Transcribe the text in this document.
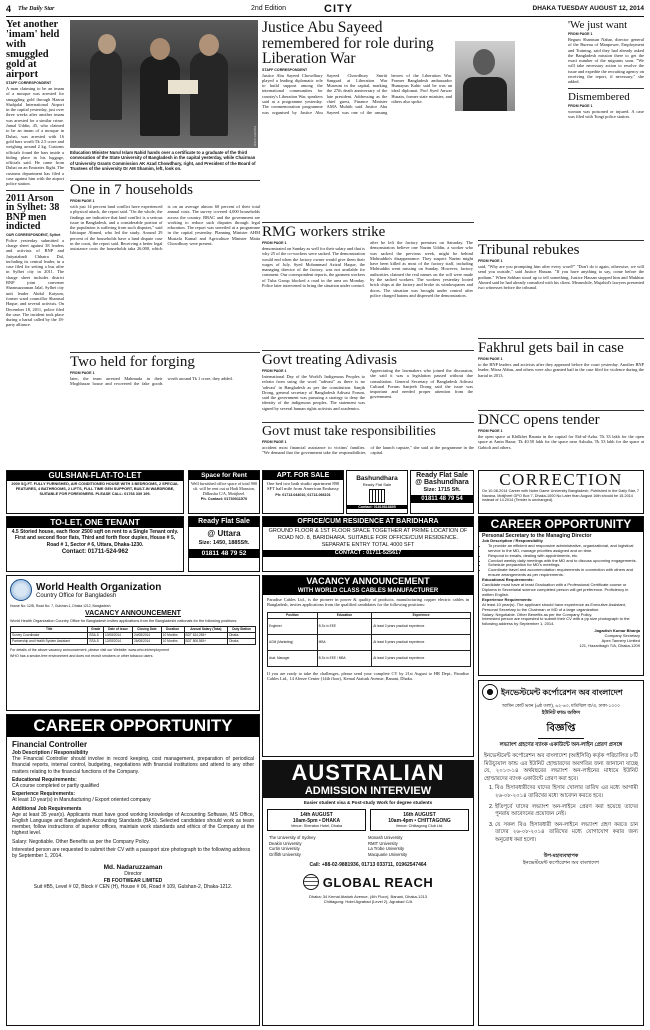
4 The Daily Star	2nd Edition	CITY	DHAKA TUESDAY AUGUST 12, 2014
Yet another 'imam' held with smuggled gold at airport
STAFF CORRESPONDENT
A man claiming to be an imam of a mosque was arrested for smuggling gold through Hazrat Shahjalal International Airport in the capital yesterday, just over three weeks after another imam was arrested for a similar crime. Jamal Uddin, 45, who claimed to be an imam of a mosque in Dubai, was arrested with 16 gold bars worth Tk 2.5 crore and weighing around 2 kg. Customs officials found the bars inside a hiding place in his luggage, officials said. He came from Dubai on an Emirates flight. The customs department has filed a case against him with the airport police station.
2011 Arson in Sylhet: 38 BNP men indicted
OUR CORRESPONDENT, Sylhet
Police yesterday submitted a charge sheet against 38 leaders and activists of BNP and Jatiyatabadi Chhatra Dal, including its central leader, in a case filed for setting a bus afire in Sylhet city in 2011. The charge sheet includes district BNP joint convener Shamsuzzaman Jalal, Sylhet city unit leader Abdul Kaiyum, former ward councillor Shamsul Haque, and several activists. On December 18, 2011, police filed the case. The incident took place during a hartal called by the 18-party alliance.
PHOTO: STAR
Education Minister Nurul Islam Nahid hands over a certificate to a graduate of the third convocation of the State University of Bangladesh in the capital yesterday, while Chairman of University Grants Commission AK Azad Chowdhury, right, and President of the Board of Trustees of the university Dr AM Shamim, left, look on.
Justice Abu Sayeed remembered for role during Liberation War
STAFF CORRESPONDENT
Justice Abu Sayeed Chowdhury played a leading diplomatic role to build support among the international communities for country's Liberation War, speakers said at a programme yesterday. The commemoration programme was organised by Justice Abu Sayeed Chowdhury Smriti Sangsad at Liberation War Museum in the capital, marking the 27th death anniversary of the late president. Addressing as the chief guest, Finance Minister AMA Muhith said Justice Abu Sayeed was one of the unsung heroes of the Liberation War. Former Bangladesh ambassador Humayun Kabir said he was an ideal diplomat. Prof Syed Anwar Husain, former state minister, and others also spoke.
'We just want
FROM PAGE 1
Begum Shamsun Nahar, director general of the Bureau of Manpower, Employment and Training, said they had already asked the Bangladesh mission there to get the exact number of the migrants soon. "We will take necessary action to resolve the issue and expedite the recruiting agency on receiving the report, if necessary," she added.
Dismembered
FROM PAGE 1
woman was poisoned or injured. A case was filed with Tongi police station.
One in 7 households
FROM PAGE 1
with just 14 percent land conflict have experienced a physical attack, the report said. "On the whole, the findings are indicative that land conflict is a serious issue in Bangladesh, and a considerable portion of the population is suffering from such disputes," said Ishtiaque Ahmed, who led the study. Around 29 percent of the households have a land dispute case in the court, the report said. Receiving a better legal assistance costs the households taka 26,000, which is on an average almost 60 percent of their total annual costs. The survey covered 4,000 households across the country. BRAC and the government are working to reduce such disputes through legal education. The report was unveiled at a programme in the capital yesterday. Planning Minister AHM Mustafa Kamal and Agriculture Minister Matia Chowdhury were present.
Two held for forging
FROM PAGE 1
later, the team arrested Mahmuda in their Moghbazar house and recovered the fake goods worth around Tk 1 crore, they added.
RMG workers strike
FROM PAGE 1
demonstrated on Sunday as well for their salary and that is why 25 of the co-workers were sacked. The demonstration would end when the factory owner would give them their wages of July. Syed Mohammad Azizul Haque, the managing director of the factory, was not available for comment. Our correspondent reports, the garment workers of Tuba Group blocked a road in the area on Monday. Police later intervened to bring the situation under control.
after he left the factory premises on Saturday. The demonstrators believe one Nazim Uddin, a worker who was sacked the previous week, might be behind Mohiuddin's disappearance. They suspect Nazim might have been killed as most of the factory staff, including Mohiuddin went missing on Sunday. However, factory authorities claimed the real names on the roll were made by the sacked workers. The workers yesterday looted brick chips at the factory and broke its windowpanes and doors. The situation was brought under control after police charged batons and dispersed the demonstrators.
Govt treating Adivasis
FROM PAGE 1
International Day of the World's Indigenous Peoples to refrain from using the word "adivasi" as there is no 'adivasi' in Bangladesh as per the constitution. Sanjib Drong, general secretary of Bangladesh Adivasi Forum, said the government was pursuing a strategy to deny the identity of the indigenous peoples. The statement was signed by several human rights activists and academics.
Appreciating the lawmakers who joined the discussion, she said it was a legislation passed without due consultation. General Secretary of Bangladesh Adivasi Cultural Forum Sanjeeb Drong said the issue was important and needed proper attention from the government.
Govt must take responsibilities
FROM PAGE 1
accident most financial assistance to victims' families. "We demand that the government take the responsibilities of the launch capsize," she said at the programme in the capital.
Tribunal rebukes
FROM PAGE 1
said, "Why are you prompting him after every word?" "Don't do it again, otherwise, we will send you outside," said Justice Hassan. "If you have anything to say, come before the podium." When Sobhan stood up to tell something, Justice Hassan stopped him and Mukhtar Ahmed said he had already consulted with his client. Meanwhile, Mujahid's lawyers presented two witnesses before the tribunal.
Fakhrul gets bail in case
FROM PAGE 1
to the BNP leaders and activists after they appeared before the court yesterday. Another BNP leader, Mirza Abbas, and others were also granted bail in the case filed for violence during the hartal in 2013.
DNCC opens tender
FROM PAGE 1
the open space at Khilkhet Baunia in the capital for Eid-ul-Azha. Tk 33 lakh for the open space at Amin Bazar, Tk 40.50 lakh for the space near Ashulia, Tk 53 lakh for the space at Gabtoli and others.
GULSHAN-FLAT-TO-LET
2000 SQ.FT. FULLY FURNISHED, AIR CONDITIONED HOUSE WITH 3 BEDROOMS, 2 SPECIAL FEATURES, 4 BATHROOMS, 2 LIFTS, FULL TIME GEN SUPPORT, BUILT-IN WARDROBE, SUITABLE FOR FOREIGNERS. PLEASE CALL: 01766 339 199.
TO-LET, ONE TENANT
4.5 Storied house, each floor 2500 sqft on rent to a Single Tenant only. First and second floor flats, Third and forth floor duplex, House # 5, Road # 1, Sector # 6, Uttara, Dhaka-1230.
Contact: 01711-524-962
Space for Rent
Well furnished office space of total 900 sft. will be rent out at Hadi Mansion, Dilkusha C/A, Motijheel.
Ph. Contact: 01730011570
Ready Flat Sale
@ Uttara
Size: 1450, 1885Sft.
01811 48 79 52
APT. FOR SALE
One bed two bath studio apartment 890 SFT hall mile from American Embassy
Ph: 01713-044010, 01713-066101
Bashundhara
Ready Flat Sale
Contact: 01819818895
Ready Flat Sale
@ Bashundhara
Size: 1715 Sft.
01811 48 79 54
OFFICE/CUM RESIDENCE AT BARIDHARA
GROUND FLOOR & 1ST FLOOR SPACE TOGETHER AT PRIME LOCATION OF ROAD NO. 8, BARIDHARA. SUITABLE FOR OFFICE/CUM RESIDENCE. SEPARATE ENTRY TOTAL 4000 SFT
CONTACT : 01711-525617
CORRECTION
On 10-08-2014 Career with Notre Dame University Bangladesh, Published in the Daily Star, 7 Navana, Motijheel GPO Box 7, Dhaka-1000 No Later than August 16th should be 15.2014 instead of 14.2014 (Tender is unchanged).
CAREER OPPORTUNITY
Personal Secretary to the Managing Director
Job Description / Responsibility
• To provide an efficient and responsive administrative, organizational, and logistical service to the MD, manage priorities assigned and on time.
• Respond to emails, dealing with appointments, etc.
• Conduct weekly daily meetings with the MD and to discuss upcoming engagements.
• Schedule preparation for MD's meetings.
• Coordinate travel and accommodation requirements in connection with others and ensure arrangements as per requirements.
Educational Requirements:
Candidate must have at least Graduation with a Professional Certificate course or Diploma in Secretarial science completed person will get preference. Proficiency in written English.
Experience Requirements:
At least 10 year(s). The applicant should have experience as Executive Assistant, Personal Secretary to the Chairman or MD of a large organization.
Salary: Negotiable. Other Benefits as per the Company Policy.
Interested person are requested to submit their CV with a pp size photograph to the following address by September 1, 2014.
Jagadish Kumar Bhanja
Company Secretary
Apex Tannery Limited
121, Hazaribagh T/A, Dhaka-1209
World Health Organization
Country Office for Bangladesh
House No: 12/B, Road No: 7, Gulshan-1, Dhaka 1212, Bangladesh
VACANCY ANNOUNCEMENT
World Health Organization Country Office for Bangladesh invites applications from the Bangladeshi nationals for the following positions:
Title	Grade	Date of issue	Closing Date	Duration	Annual Salary (Taka)	Duty Station
Survey Coordinator	SSA-5	10/08/2014	24/08/2014	10 Months	BDT 624,258+	Dhaka
Partnership and Health System Assistant	SSA-5	12/08/2014	26/08/2014	10 Months	BDT 806,565+	Dhaka
For details of the above vacancy announcement, please visit our Website: www.who.int/employment
WHO has a smoke-free environment and does not recruit smokers or other tobacco users.
VACANCY ANNOUNCEMENT
WITH WORLD CLASS CABLES MANUFACTURER
Paradise Cables Ltd., is the pioneer in power & quality of products, manufacturing copper electric cables in Bangladesh, invites applications from the qualified candidates for the following positions:
Position	Education	Experience
Engineer	B.Sc in EEE	At least 3 years practical experience
AGM (Marketing)	MBA	At least 5 years practical experience
Asst. Manager	B.Sc in EEE / MBA	At least 3 years practical experience
If you are ready to take the challenges, please send your complete CV by 21st August to HR Dept., Paradise Cables Ltd., 14 Aleeze Center (14th floor), Kemal Ataturk Avenue, Banani, Dhaka.
CAREER OPPORTUNITY
Financial Controller
Job Description / Responsibility
The Financial Controller should involve in record keeping, cost management, preparation of periodical financial reports, internal control, budgeting, negotiations with financial institutions and attend to any other matters relating to the financial functions of the Company.
Educational Requirements:
CA course completed or partly qualified
Experience Requirements:
At least 10 year(s) in Manufacturing / Export oriented company
Additional Job Requirements
Age at least 35 year(s). Applicants must have good working knowledge of Accounting Software, MS Office, English Language and Bangladesh Accounting Standards (BAS). Selected candidates should work as team member, follow instructions of superior offices, maintain work standards and ethics of the Company at the highest level.
Salary: Negotiable. Other Benefits as per the Company Policy.
Interested person are requested to submit their CV with a passport size photograph to the following address by September 1, 2014.
Md. Nadaruzzaman
Director
FB FOOTWEAR LIMITED
Suit #B5, Level # 02, Block # CEN (H), House # 06, Road # 109, Gulshan-2, Dhaka-1212.
AUSTRALIAN
ADMISSION INTERVIEW
Easier student visa & Post-study Work for degree students
14th AUGUST
10am-5pm • DHAKA
Venue: Sheraton Hotel, Dhaka
16th AUGUST
10am-4pm • CHITTAGONG
Venue: Chittagong Club Ltd.
The University of Sydney	Monash University
Deakin University	RMIT University
Curtin University	La Trobe University
Griffith University	Macquarie University
Call: +88-02-9881936, 01713 033711, 01962547464
GLOBAL REACH
Dhaka: 34 Kemal Ataturk Avenue, (4th Floor), Banani, Dhaka-1213
Chittagong: Hotel Agrabad (Level 2), Agrabad C/A
ইনভেস্টমেন্ট কর্পোরেশন অব বাংলাদেশ
আমিন কোর্ট ভবন (৬ষ্ঠ তলা), ৬২-৬৩, মতিঝিল বা/এ, ঢাকা-১০০০
ইউনিট ফান্ড অফিস
বিজ্ঞপ্তি
লভ্যাংশ গ্রহণের ব্যাংক একাউন্টে অন-লাইন প্রেরণ প্রসঙ্গে
ইনভেস্টমেন্ট কর্পোরেশন অব বাংলাদেশ (আইসিবি) কর্তৃক পরিচালিত ৮টি মিউচ্যুয়াল ফান্ড এর ইউনিট হোল্ডারদের অবগতির জন্য জানানো যাচ্ছে যে, ২০১৩-১৪ অর্থবছরের লভ্যাংশ অন-লাইনের মাধ্যমে ইউনিট হোল্ডারদের ব্যাংক একাউন্টে প্রেরণ করা হবে।
1. বিও হিসাবধারীদের যাদের হিসাব খোলার তারিখ এর মধ্যে আগামী ২৬-০৮-২০১৪ তারিখের মধ্যে আবেদন করতে হবে।
2. ইতিপূর্বে যাদের লভ্যাংশ অন-লাইনে প্রেরণ করা হয়েছে তাদের পুনরায় আবেদনের প্রয়োজন নেই।
3. যে সকল বিও হিসাবধারী অন-লাইনে লভ্যাংশ গ্রহণ করতে চান তাদের ২৬-০৮-২০১৪ তারিখের মধ্যে যোগাযোগ করার জন্য অনুরোধ করা হলো।
উপ-মহাব্যবস্থাপক
ইনভেস্টমেন্ট কর্পোরেশন অব বাংলাদেশ
